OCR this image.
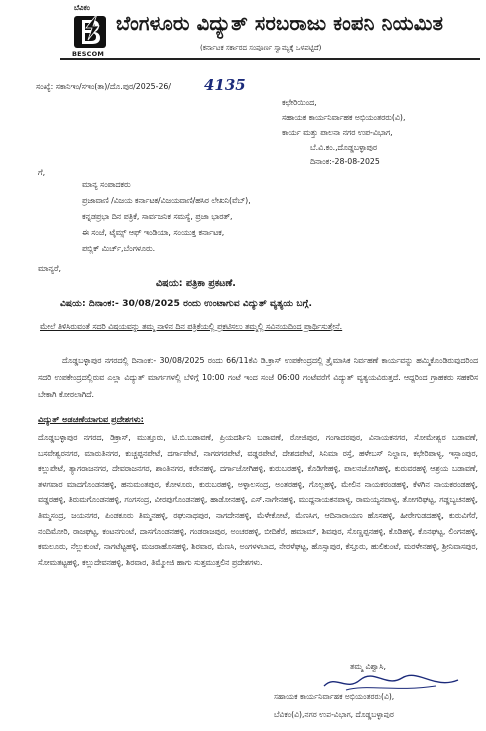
ಬೆವಿಕಂ
BESCOM
ಬೆಂಗಳೂರು ವಿದ್ಯುತ್ ಸರಬರಾಜು ಕಂಪನಿ ನಿಯಮಿತ
(ಕರ್ನಾಟಕ ಸರ್ಕಾರದ ಸಂಪೂರ್ಣ ಸ್ವಾಮ್ಯಕ್ಕೆ ಒಳಪಟ್ಟಿದೆ)
ಸಂಖ್ಯೆ: ಸಕಾನಿಇಂ/ಸಇಂ(ತಾ)/ದೊ.ಪುರ/2025-26/ 4135
ಕಛೇರಿಯಿಂದ,
ಸಹಾಯಕ ಕಾರ್ಯನಿರ್ವಾಹಕ ಅಭಿಯಂತರರು(ವಿ),
ಕಾರ್ಯ ಮತ್ತು ಪಾಲನಾ ನಗರ ಉಪ-ವಿಭಾಗ,
ಬೆ.ವಿ.ಕಂ.,ದೊಡ್ಡಬಳ್ಳಾಪುರ
ದಿನಾಂಕ:-28-08-2025
ಗೆ,
ಮಾನ್ಯ ಸಂಪಾದಕರು
ಪ್ರಜಾವಾಣಿ /ವಿಜಯ ಕರ್ನಾಟಕ/ವಿಜಯವಾಣಿ/ಹಸಿರ ಲೇಖನಿ(ವೆಬ್),
ಕನ್ನಡಪ್ರಭಾ ದಿನ ಪತ್ರಿಕೆ, ಸಾರ್ವಜನಿಕ ಸಮಸ್ಯೆ, ಪ್ರಜಾ ಭಾರತ್,
ಈ ಸಂಜೆ, ಟೈಮ್ಸ್ ಆಫ್ ಇಂಡಿಯಾ, ಸಂಯುಕ್ತ ಕರ್ನಾಟಕ,
ಪಬ್ಲಿಕ್ ಮಿರ್ಚ್,ಬೆಂಗಳೂರು.
ಮಾನ್ಯರೆ,
ವಿಷಯ: ಪತ್ರಿಕಾ ಪ್ರಕಟಣೆ.
ವಿಷಯ: ದಿನಾಂಕ:- 30/08/2025 ರಂದು ಉಂಟಾಗುವ ವಿದ್ಯುತ್ ವ್ಯತ್ಯಯ ಬಗ್ಗೆ.
ಮೇಲೆ ತಿಳಿಸಿರುವಂತೆ ಸದರಿ ವಿಷಯವನ್ನು ತಮ್ಮ ನಾಳಿನ ದಿನ ಪತ್ರಿಕೆಯಲ್ಲಿ ಪ್ರಕಟಿಸಲು ತಮ್ಮಲ್ಲಿ ಸವಿನಯದಿಂದ ಪ್ರಾರ್ಥಿಸುತ್ತೇನೆ.
ದೊಡ್ಡಬಳ್ಳಾಪುರ ನಗರದಲ್ಲಿ ದಿನಾಂಕ:- 30/08/2025 ರಂದು 66/11ಕೆವಿ ಡಿ.ಕ್ರಾಸ್ ಉಪಕೇಂದ್ರದಲ್ಲಿ ತ್ರೈಮಾಸಿಕ ನಿರ್ವಹಣೆ ಕಾರ್ಯವನ್ನು ಹಮ್ಮಿಕೊಂಡಿರುವುದರಿಂದ ಸದರಿ ಉಪಕೇಂದ್ರದಲ್ಲಿರುವ ಎಲ್ಲಾ ವಿದ್ಯುತ್ ಮಾರ್ಗಗಳಲ್ಲಿ ಬೆಳಿಗ್ಗೆ 10:00 ಗಂಟೆ ಇಂದ ಸಂಜೆ 06:00 ಗಂಟೆವರೆಗೆ ವಿದ್ಯುತ್ ವ್ಯತ್ಯಯವಿರುತ್ತದೆ. ಆದ್ದರಿಂದ ಗ್ರಾಹಕರು ಸಹಕರಿಸ ಬೇಕಾಗಿ ಕೋರಲಾಗಿದೆ.
ವಿದ್ಯುತ್ ಅಡಚಣೆಯಾಗುವ ಪ್ರದೇಶಗಳು:
ದೊಡ್ಡಬಳ್ಳಾಪುರ ನಗರದ, ಡಿಕ್ರಾಸ್, ಮುತ್ತೂರು, ಟಿ.ಬಿ.ಬಡಾವಣೆ, ಪ್ರಿಯದರ್ಶಿನಿ ಬಡಾವಣೆ, ರೋಜಿಪುರ, ಗಂಗಾದರಪುರ, ವಿನಾಯಕನಗರ, ಸೋಮೇಶ್ವರ ಬಡಾವಣೆ, ಬಸವೇಶ್ವರನಗರ, ಮಾರುತಿನಗರ, ಕುಚ್ಚಪ್ಪನಪೇಟೆ, ದರ್ಗಾಪೇಟೆ, ನಾಗರಗರಪೇಟೆ, ವಡ್ಡರಪೇಟೆ, ದೇಶದಪೇಟೆ, ಸಿನಿಮಾ ರಸ್ತೆ, ಹಳೇಬಸ್ ನಿಲ್ದಾಣ, ಕಛೇರಿಪಾಳ್ಯ, ಇಸ್ಲಾಂಪುರ, ಕಲ್ಲುಪೇಟೆ, ತ್ಯಾಗರಾಜನಗರ, ದೇವರಾಜನಗರ, ಶಾಂತಿನಗರ, ಕರೇನಹಳ್ಳಿ, ದರ್ಗಾಜೋಗಿಹಳ್ಳಿ, ಕುರುಬರಹಳ್ಳಿ, ಕೊಡಿಗೇಹಳ್ಳಿ, ಪಾಲನಜೋಗಿಹಳ್ಳಿ, ಕುರುವರಹಳ್ಳಿ ಆಶ್ರಯ ಬಡಾವಣೆ, ತಳಗವಾರ ಮಾದಗೊಂಡನಹಳ್ಳಿ, ಹನುಮಂತಪುರ, ಕೋಳೂರು, ಕುರುಬರಹಳ್ಳಿ, ಅಳ್ಳಾಲಸಂದ್ರ, ಅಂತರಹಳ್ಳಿ, ಗೊಲ್ಲಹಳ್ಳಿ, ಮೇಲಿನ ನಾಯಕರಂಡಹಳ್ಳಿ, ಕೆಳಗಿನ ನಾಯಕರಂಡಹಳ್ಳಿ, ವಡ್ಡರಹಳ್ಳಿ, ತಿರುಮಗೊಂಡನಹಳ್ಳಿ, ಗಂಗಸಂದ್ರ, ವೀರಪುಗೊಂಡನಹಳ್ಳಿ, ಹಾಡೋನಹಳ್ಳಿ, ಎಸ್.ನಾಗೇನಹಳ್ಳಿ, ಮುದ್ದನಾಯಕನಪಾಳ್ಯ, ರಾಮಯ್ಯನಪಾಳ್ಯ, ತೋಗರಿಘಟ್ಟ, ಗಡ್ಡಬ್ಯಚನಹಳ್ಳಿ, ತಿಮ್ಮಸಂದ್ರ, ಜಯನಗರ, ಪಿಂಡಕೂರು ತಿಮ್ಮನಹಳ್ಳಿ, ರಘುನಾಥಪುರ, ನಾಗದೇನಹಳ್ಳಿ, ಮೆಳೇಕೋಟೆ, ಮೆಣಸಿಗ, ಆದಿನಾರಾಯಣ ಹೊಸಹಳ್ಳಿ, ಹೀರೇಗುಡದಹಳ್ಳಿ, ಕುರುವಿಗೆರೆ, ನಂದಿಮೋರಿ, ರಾಜಘಟ್ಟ, ಕಂಟನಗುಂಟೆ, ದಾಸಗೊಂಡನಹಳ್ಳಿ, ಗಂಡರಾಜಪುರ, ಅಂಚರಹಳ್ಳಿ, ಬೀದಿಕೆರೆ, ಹಮಾಮ್, ಶಿವಪುರ, ಸೊಣ್ಣಪ್ಪನಹಳ್ಳಿ, ಕೊಡಿಹಳ್ಳಿ, ಕೊನಘಟ್ಟ, ಲಿಂಗನಹಳ್ಳಿ, ಕಮಲೂರು, ನೆಲ್ಲುಕುಂಟೆ, ನಾಗಟೆಟ್ಟಹಳ್ಳಿ, ಮಜರಾಹೊಸಹಳ್ಳಿ, ಶಿರವಾರ, ಮೆಣಸಿ, ಅಂಗಳಳಬಾದ, ನೇರಳೆಘಟ್ಟ, ಹೊಸ್ಸಾಪುರ, ಕೆಸ್ತೂರು, ಹುಲಿಕುಂಟೆ, ಮರಳೇನಹಳ್ಳಿ, ಶ್ರೀನಿವಾಸಪುರ, ಸೋಮತಟ್ಟಹಳ್ಳಿ, ಕಲ್ಲುದೇವನಹಳ್ಳಿ, ಶಿರವಾರ, ತಿಮ್ಮೋಜಿ ಹಾಗು ಸುತ್ತಮುತ್ತಲಿನ ಪ್ರದೇಶಗಳು.
ತಮ್ಮ ವಿಶ್ವಾಸಿ,
ಸಹಾಯಕ ಕಾರ್ಯನಿರ್ವಾಹಕ ಅಭಿಯಂತರರು(ವಿ),
ಬೆವಿಕಂ(ವಿ),ನಗರ ಉಪ-ವಿಭಾಗ, ದೊಡ್ಡಬಳ್ಳಾಪುರ
